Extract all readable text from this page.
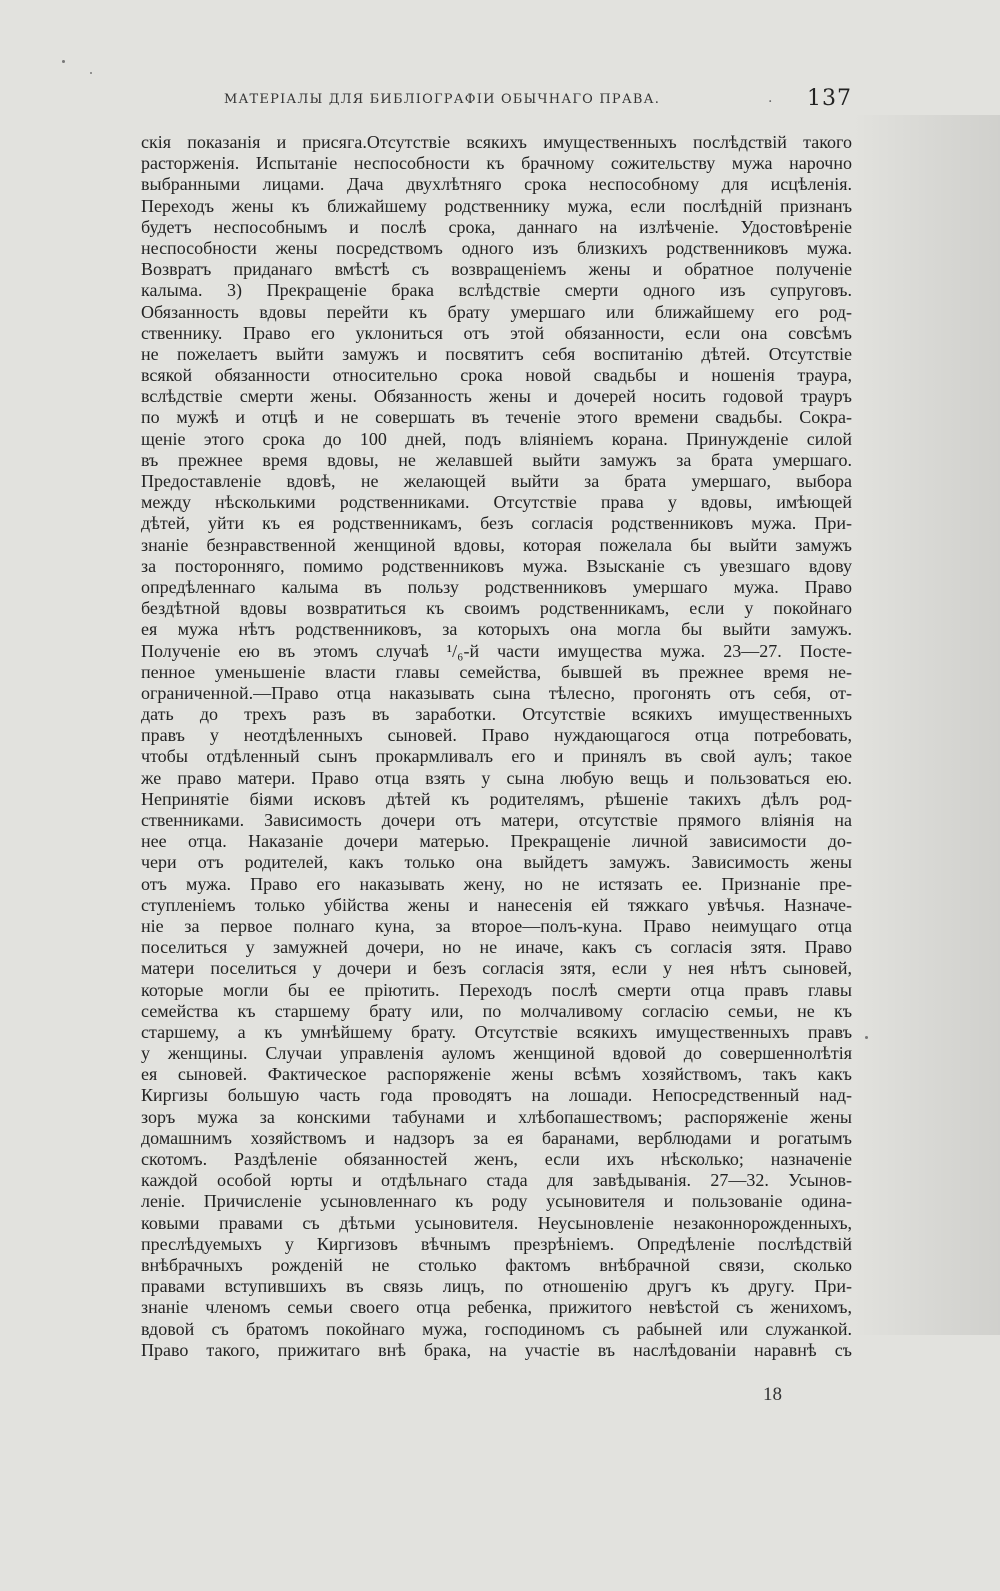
МАТЕРІАЛЫ ДЛЯ БИБЛІОГРАФІИ ОБЫЧНАГО ПРАВА.	· 137
скія показанія и присяга.Отсутствіе всякихъ имущественныхъ послѣдствій такого
расторженія. Испытаніе неспособности къ брачному сожительству мужа нарочно
выбранными лицами. Дача двухлѣтняго срока неспособному для исцѣленія.
Переходъ жены къ ближайшему родственнику мужа, если послѣдній признанъ
будетъ неспособнымъ и послѣ срока, даннаго на излѣченіе. Удостовѣреніе
неспособности жены посредствомъ одного изъ близкихъ родственниковъ мужа.
Возвратъ приданаго вмѣстѣ съ возвращеніемъ жены и обратное полученіе
калыма. 3) Прекращеніе брака вслѣдствіе смерти одного изъ супруговъ.
Обязанность вдовы перейти къ брату умершаго или ближайшему его род-
ственнику. Право его уклониться отъ этой обязанности, если она совсѣмъ
не пожелаетъ выйти замужъ и посвятитъ себя воспитанію дѣтей. Отсутствіе
всякой обязанности относительно срока новой свадьбы и ношенія траура,
вслѣдствіе смерти жены. Обязанность жены и дочерей носить годовой трауръ
по мужѣ и отцѣ и не совершать въ теченіе этого времени свадьбы. Сокра-
щеніе этого срока до 100 дней, подъ вліяніемъ корана. Принужденіе силой
въ прежнее время вдовы, не желавшей выйти замужъ за брата умершаго.
Предоставленіе вдовѣ, не желающей выйти за брата умершаго, выбора
между нѣсколькими родственниками. Отсутствіе права у вдовы, имѣющей
дѣтей, уйти къ ея родственникамъ, безъ согласія родственниковъ мужа. При-
знаніе безнравственной женщиной вдовы, которая пожелала бы выйти замужъ
за посторонняго, помимо родственниковъ мужа. Взысканіе съ увезшаго вдову
опредѣленнаго калыма въ пользу родственниковъ умершаго мужа. Право
бездѣтной вдовы возвратиться къ своимъ родственникамъ, если у покойнаго
ея мужа нѣтъ родственниковъ, за которыхъ она могла бы выйти замужъ.
Полученіе ею въ этомъ случаѣ ¹/₆-й части имущества мужа. 23—27. Посте-
пенное уменьшеніе власти главы семейства, бывшей въ прежнее время не-
ограниченной.—Право отца наказывать сына тѣлесно, прогонять отъ себя, от-
дать до трехъ разъ въ заработки. Отсутствіе всякихъ имущественныхъ
правъ у неотдѣленныхъ сыновей. Право нуждающагося отца потребовать,
чтобы отдѣленный сынъ прокармливалъ его и принялъ въ свой аулъ; такое
же право матери. Право отца взять у сына любую вещь и пользоваться ею.
Непринятіе біями исковъ дѣтей къ родителямъ, рѣшеніе такихъ дѣлъ род-
ственниками. Зависимость дочери отъ матери, отсутствіе прямого вліянія на
нее отца. Наказаніе дочери матерью. Прекращеніе личной зависимости до-
чери отъ родителей, какъ только она выйдетъ замужъ. Зависимость жены
отъ мужа. Право его наказывать жену, но не истязать ее. Признаніе пре-
ступленіемъ только убійства жены и нанесенія ей тяжкаго увѣчья. Назначе-
ніе за первое полнаго куна, за второе—полъ-куна. Право неимущаго отца
поселиться у замужней дочери, но не иначе, какъ съ согласія зятя. Право
матери поселиться у дочери и безъ согласія зятя, если у нея нѣтъ сыновей,
которые могли бы ее пріютить. Переходъ послѣ смерти отца правъ главы
семейства къ старшему брату или, по молчаливому согласію семьи, не къ
старшему, а къ умнѣйшему брату. Отсутствіе всякихъ имущественныхъ правъ
у женщины. Случаи управленія ауломъ женщиной вдовой до совершеннолѣтія
ея сыновей. Фактическое распоряженіе жены всѣмъ хозяйствомъ, такъ какъ
Киргизы большую часть года проводятъ на лошади. Непосредственный над-
зоръ мужа за конскими табунами и хлѣбопашествомъ; распоряженіе жены
домашнимъ хозяйствомъ и надзоръ за ея баранами, верблюдами и рогатымъ
скотомъ. Раздѣленіе обязанностей женъ, если ихъ нѣсколько; назначеніе
каждой особой юрты и отдѣльнаго стада для завѣдыванія. 27—32. Усынов-
леніе. Причисленіе усыновленнаго къ роду усыновителя и пользованіе одина-
ковыми правами съ дѣтьми усыновителя. Неусыновленіе незаконнорожденныхъ,
преслѣдуемыхъ у Киргизовъ вѣчнымъ презрѣніемъ. Опредѣленіе послѣдствій
внѣбрачныхъ рожденій не столько фактомъ внѣбрачной связи, сколько
правами вступившихъ въ связь лицъ, по отношенію другъ къ другу. При-
знаніе членомъ семьи своего отца ребенка, прижитого невѣстой съ женихомъ,
вдовой съ братомъ покойнаго мужа, господиномъ съ рабыней или служанкой.
Право такого, прижитаго внѣ брака, на участіе въ наслѣдованіи наравнѣ съ
18
